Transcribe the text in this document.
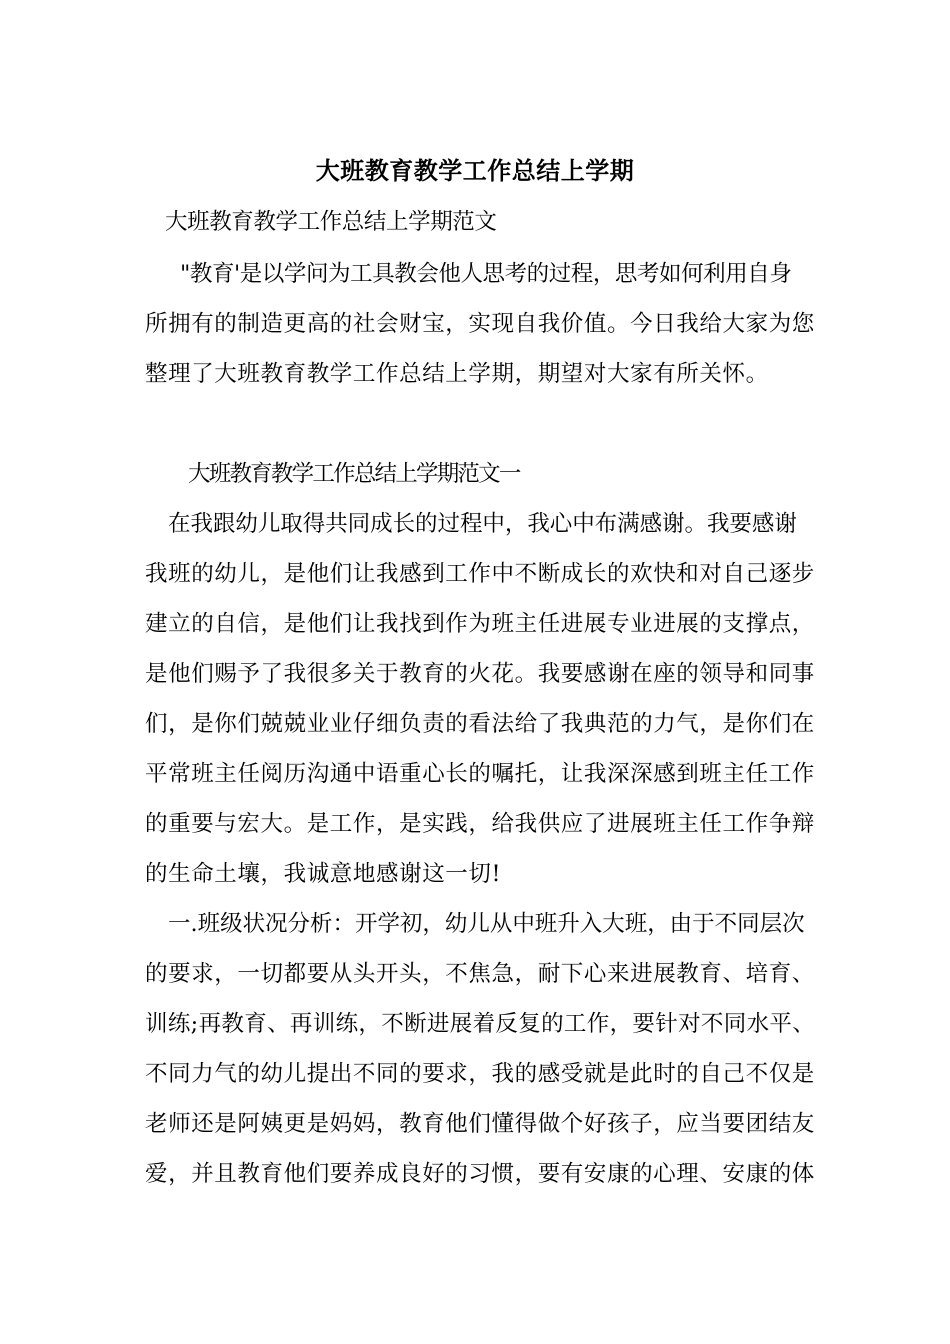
大班教育教学工作总结上学期
大班教育教学工作总结上学期范文
"教育'是以学问为工具教会他人思考的过程，思考如何利用自身
所拥有的制造更高的社会财宝，实现自我价值。今日我给大家为您
整理了大班教育教学工作总结上学期，期望对大家有所关怀。
大班教育教学工作总结上学期范文一
在我跟幼儿取得共同成长的过程中，我心中布满感谢。我要感谢
我班的幼儿，是他们让我感到工作中不断成长的欢快和对自己逐步
建立的自信，是他们让我找到作为班主任进展专业进展的支撑点，
是他们赐予了我很多关于教育的火花。我要感谢在座的领导和同事
们，是你们兢兢业业仔细负责的看法给了我典范的力气，是你们在
平常班主任阅历沟通中语重心长的嘱托，让我深深感到班主任工作
的重要与宏大。是工作，是实践，给我供应了进展班主任工作争辩
的生命土壤，我诚意地感谢这一切!
一.班级状况分析：开学初，幼儿从中班升入大班，由于不同层次
的要求，一切都要从头开头，不焦急，耐下心来进展教育、培育、
训练;再教育、再训练，不断进展着反复的工作，要针对不同水平、
不同力气的幼儿提出不同的要求，我的感受就是此时的自己不仅是
老师还是阿姨更是妈妈，教育他们懂得做个好孩子，应当要团结友
爱，并且教育他们要养成良好的习惯，要有安康的心理、安康的体
